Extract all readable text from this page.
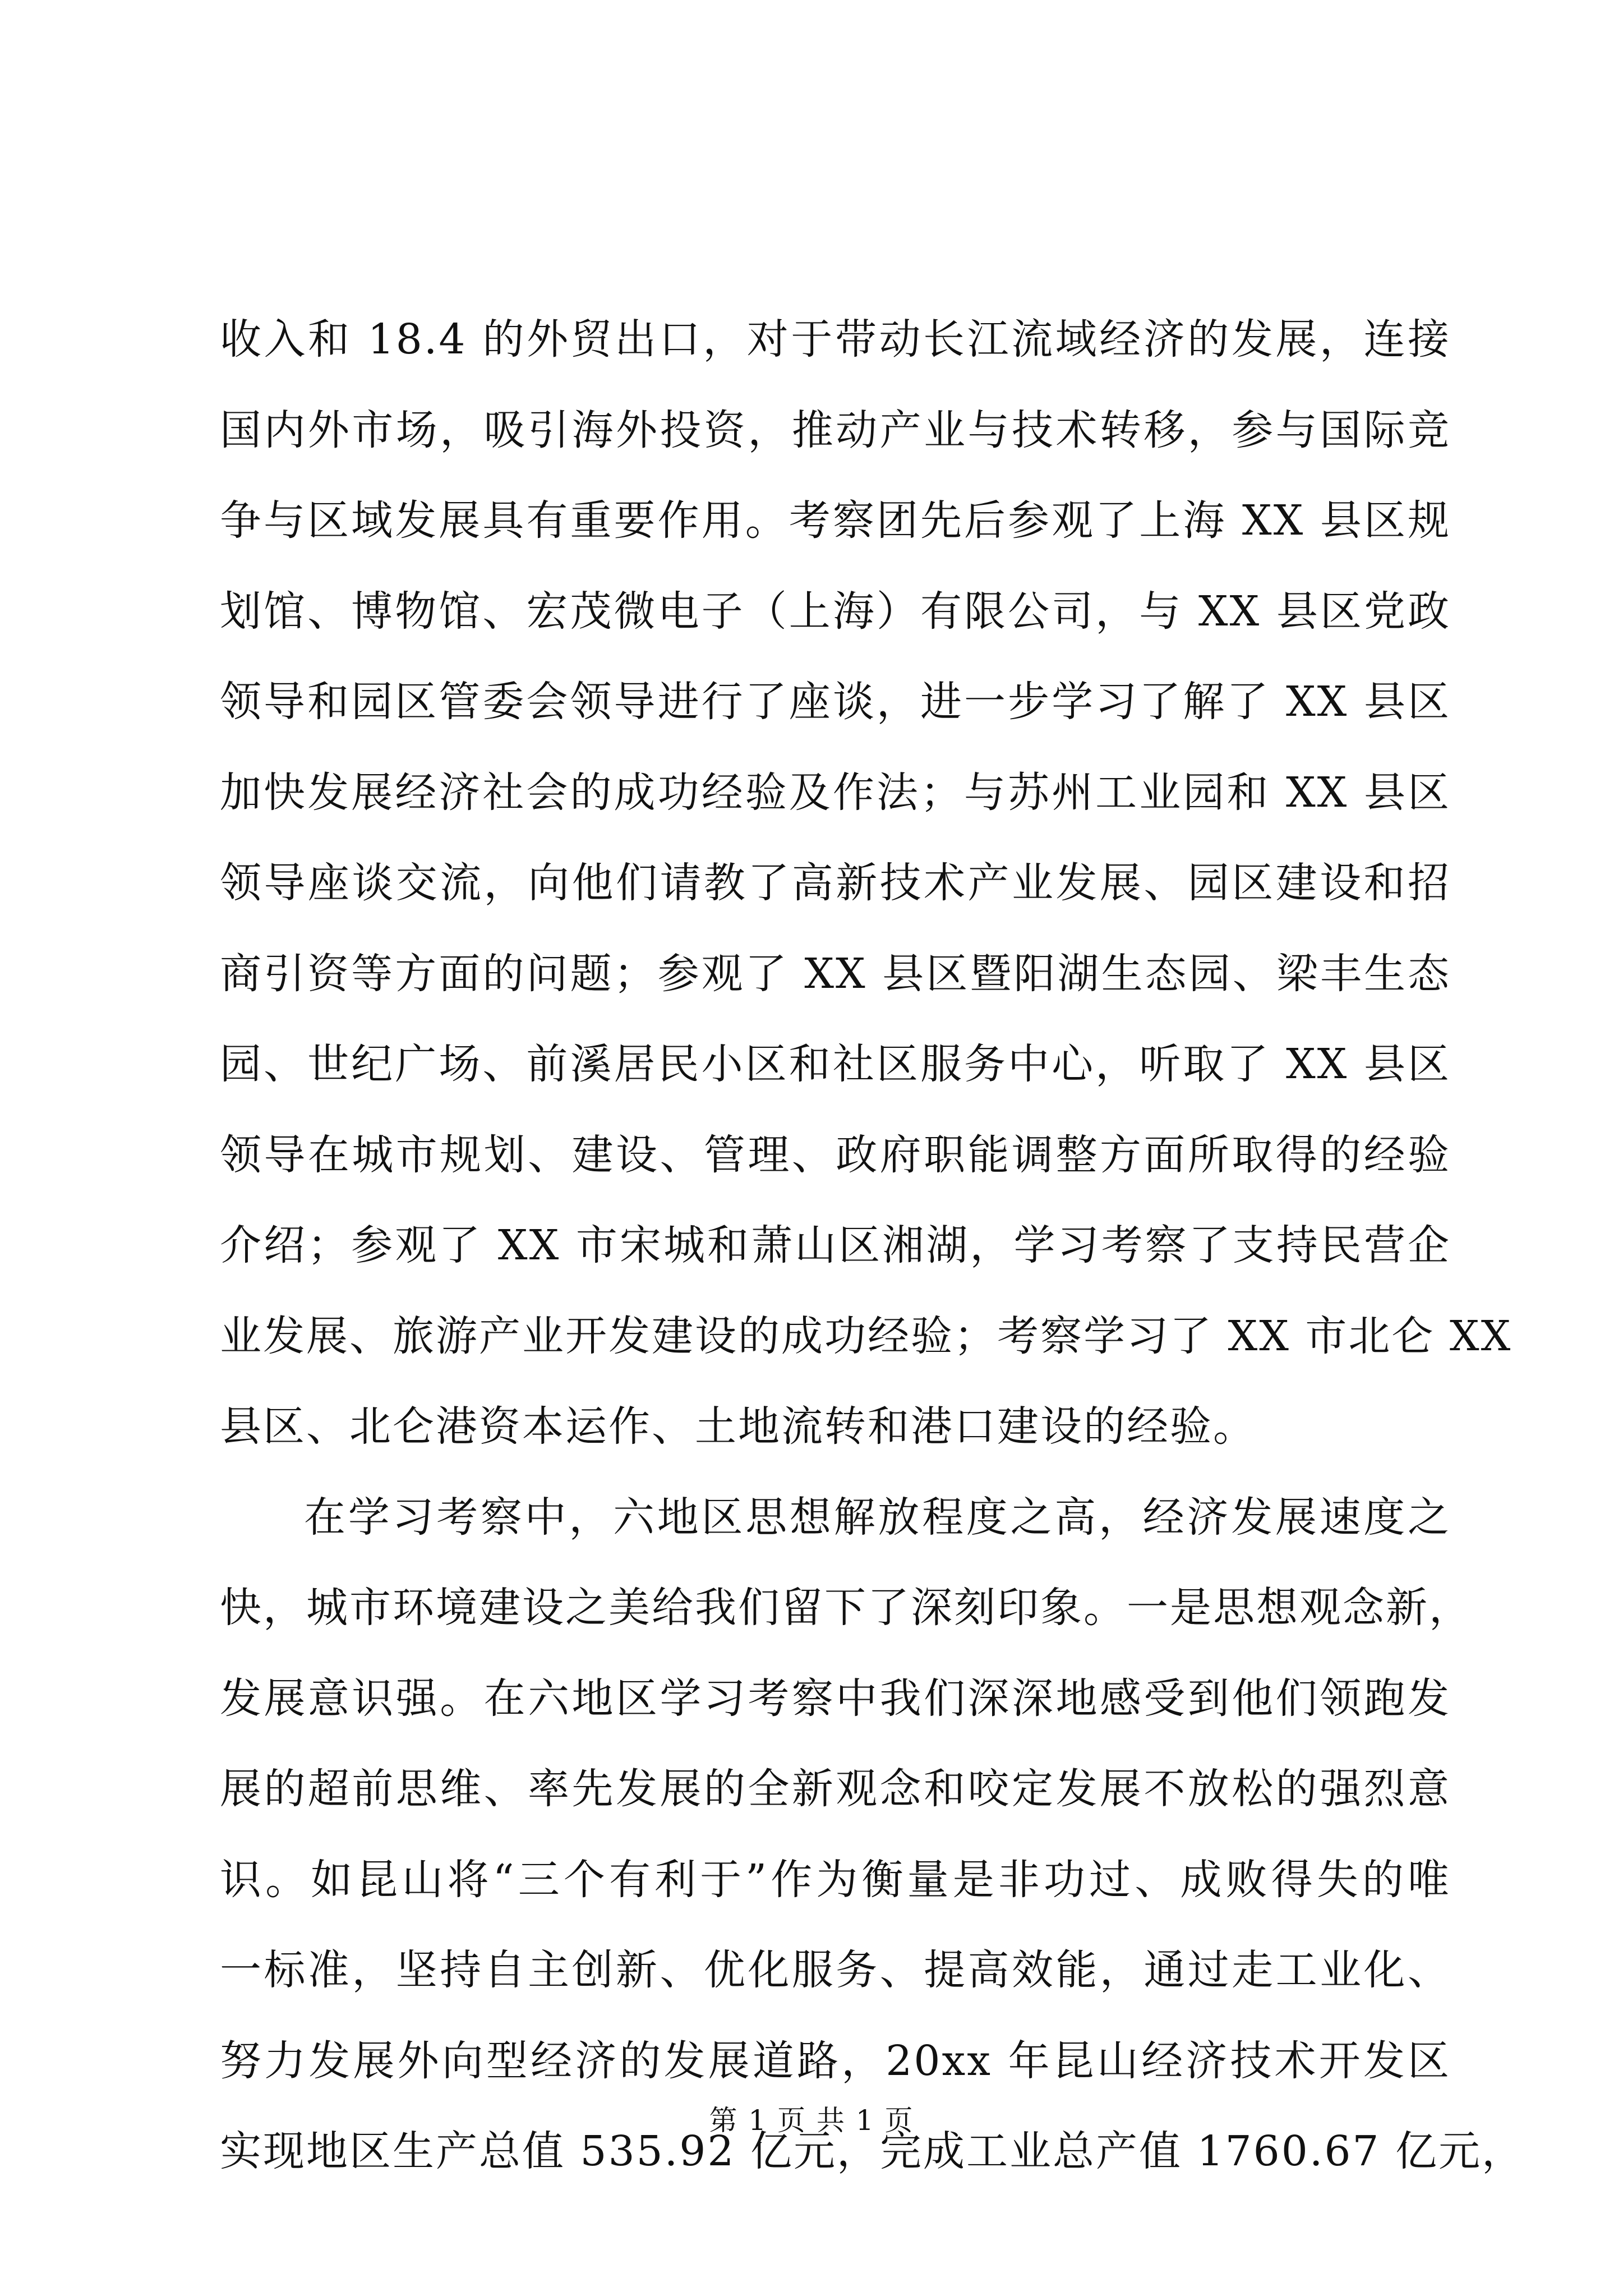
收入和 18.4 的外贸出口，对于带动长江流域经济的发展，连接
国内外市场，吸引海外投资，推动产业与技术转移，参与国际竞
争与区域发展具有重要作用。考察团先后参观了上海 XX 县区规
划馆、博物馆、宏茂微电子（上海）有限公司，与 XX 县区党政
领导和园区管委会领导进行了座谈，进一步学习了解了 XX 县区
加快发展经济社会的成功经验及作法；与苏州工业园和 XX 县区
领导座谈交流，向他们请教了高新技术产业发展、园区建设和招
商引资等方面的问题；参观了 XX 县区暨阳湖生态园、梁丰生态
园、世纪广场、前溪居民小区和社区服务中心，听取了 XX 县区
领导在城市规划、建设、管理、政府职能调整方面所取得的经验
介绍；参观了 XX 市宋城和萧山区湘湖，学习考察了支持民营企
业发展、旅游产业开发建设的成功经验；考察学习了 XX 市北仑 XX
县区、北仑港资本运作、土地流转和港口建设的经验。
在学习考察中，六地区思想解放程度之高，经济发展速度之
快，城市环境建设之美给我们留下了深刻印象。一是思想观念新，
发展意识强。在六地区学习考察中我们深深地感受到他们领跑发
展的超前思维、率先发展的全新观念和咬定发展不放松的强烈意
识。如昆山将“三个有利于”作为衡量是非功过、成败得失的唯
一标准，坚持自主创新、优化服务、提高效能，通过走工业化、
努力发展外向型经济的发展道路，20xx 年昆山经济技术开发区
实现地区生产总值 535.92 亿元，完成工业总产值 1760.67 亿元，
第 1 页 共 1 页
